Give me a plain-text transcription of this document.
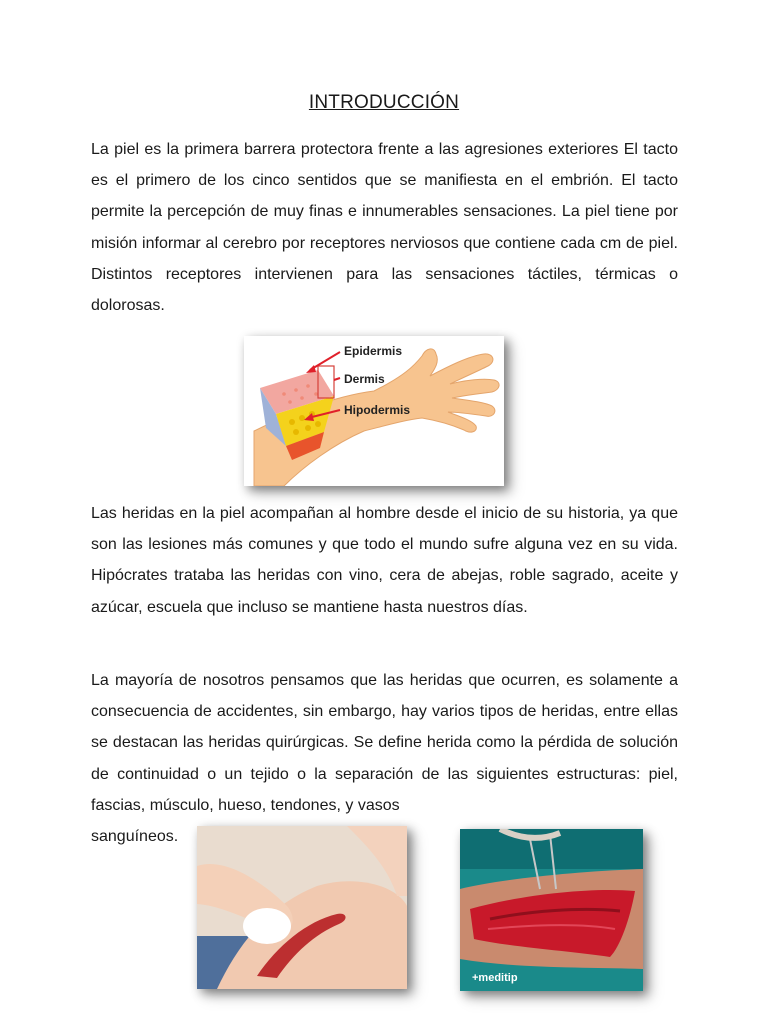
INTRODUCCIÓN

La piel es la primera barrera protectora frente a las agresiones exteriores El tacto es el primero de los cinco sentidos que se manifiesta en el embrión. El tacto permite la percepción de muy finas e innumerables sensaciones. La piel tiene por misión informar al cerebro por receptores nerviosos que contiene cada cm de piel. Distintos receptores intervienen para las sensaciones táctiles, térmicas o dolorosas.

Epidermis
Dermis
Hipodermis

Las heridas en la piel acompañan al hombre desde el inicio de su historia, ya que son las lesiones más comunes y que todo el mundo sufre alguna vez en su vida. Hipócrates trataba las heridas con vino, cera de abejas, roble sagrado, aceite y azúcar, escuela que incluso se mantiene hasta nuestros días.

La mayoría de nosotros pensamos que las heridas que ocurren, es solamente a consecuencia de accidentes, sin embargo, hay varios tipos de heridas, entre ellas se destacan las heridas quirúrgicas. Se define herida como la pérdida de solución de continuidad o un tejido o la separación de las siguientes estructuras: piel, fascias, músculo, hueso, tendones, y vasos

sanguíneos.
+meditip
